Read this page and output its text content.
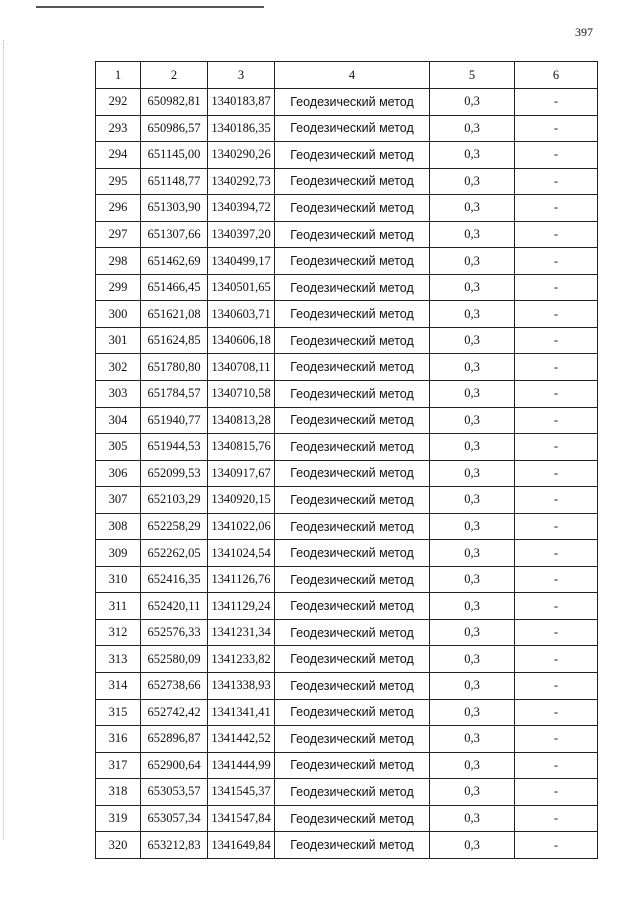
397
1	2	3	4	5	6
292	650982,81	1340183,87	Геодезический метод	0,3	-
293	650986,57	1340186,35	Геодезический метод	0,3	-
294	651145,00	1340290,26	Геодезический метод	0,3	-
295	651148,77	1340292,73	Геодезический метод	0,3	-
296	651303,90	1340394,72	Геодезический метод	0,3	-
297	651307,66	1340397,20	Геодезический метод	0,3	-
298	651462,69	1340499,17	Геодезический метод	0,3	-
299	651466,45	1340501,65	Геодезический метод	0,3	-
300	651621,08	1340603,71	Геодезический метод	0,3	-
301	651624,85	1340606,18	Геодезический метод	0,3	-
302	651780,80	1340708,11	Геодезический метод	0,3	-
303	651784,57	1340710,58	Геодезический метод	0,3	-
304	651940,77	1340813,28	Геодезический метод	0,3	-
305	651944,53	1340815,76	Геодезический метод	0,3	-
306	652099,53	1340917,67	Геодезический метод	0,3	-
307	652103,29	1340920,15	Геодезический метод	0,3	-
308	652258,29	1341022,06	Геодезический метод	0,3	-
309	652262,05	1341024,54	Геодезический метод	0,3	-
310	652416,35	1341126,76	Геодезический метод	0,3	-
311	652420,11	1341129,24	Геодезический метод	0,3	-
312	652576,33	1341231,34	Геодезический метод	0,3	-
313	652580,09	1341233,82	Геодезический метод	0,3	-
314	652738,66	1341338,93	Геодезический метод	0,3	-
315	652742,42	1341341,41	Геодезический метод	0,3	-
316	652896,87	1341442,52	Геодезический метод	0,3	-
317	652900,64	1341444,99	Геодезический метод	0,3	-
318	653053,57	1341545,37	Геодезический метод	0,3	-
319	653057,34	1341547,84	Геодезический метод	0,3	-
320	653212,83	1341649,84	Геодезический метод	0,3	-
